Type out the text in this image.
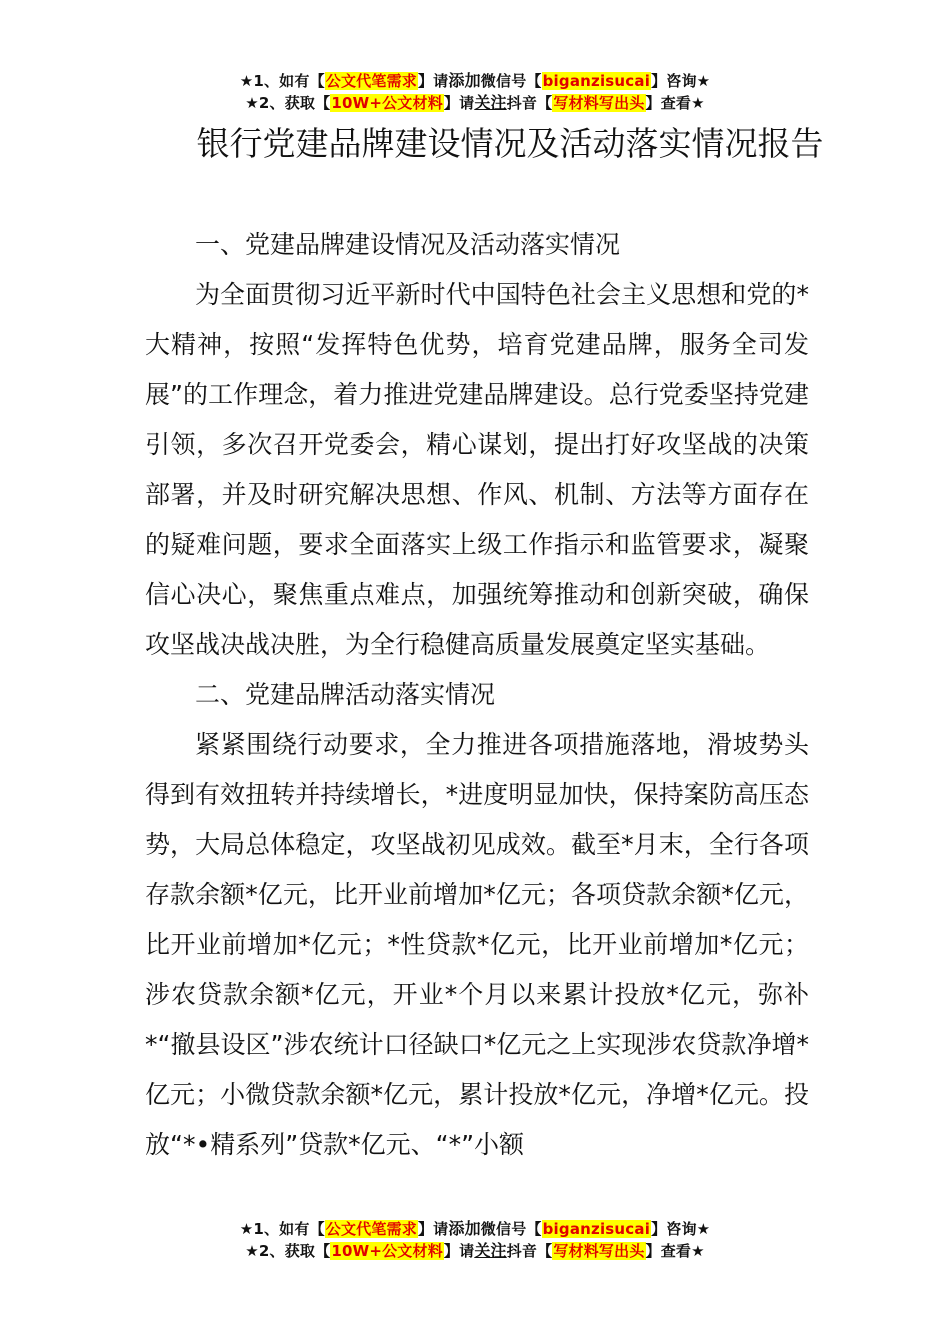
★1、如有【公文代笔需求】请添加微信号【biganzisucai】咨询★
★2、获取【10W+公文材料】请关注抖音【写材料写出头】查看★
银行党建品牌建设情况及活动落实情况报告
一、党建品牌建设情况及活动落实情况

为全面贯彻习近平新时代中国特色社会主义思想和党的*大精神，按照“发挥特色优势，培育党建品牌，服务全司发展”的工作理念，着力推进党建品牌建设。总行党委坚持党建引领，多次召开党委会，精心谋划，提出打好攻坚战的决策部署，并及时研究解决思想、作风、机制、方法等方面存在的疑难问题，要求全面落实上级工作指示和监管要求，凝聚信心决心，聚焦重点难点，加强统筹推动和创新突破，确保攻坚战决战决胜，为全行稳健高质量发展奠定坚实基础。

二、党建品牌活动落实情况

紧紧围绕行动要求，全力推进各项措施落地，滑坡势头得到有效扭转并持续增长，*进度明显加快，保持案防高压态势，大局总体稳定，攻坚战初见成效。截至*月末，全行各项存款余额*亿元，比开业前增加*亿元；各项贷款余额*亿元，比开业前增加*亿元；*性贷款*亿元，比开业前增加*亿元；涉农贷款余额*亿元，开业*个月以来累计投放*亿元，弥补*“撤县设区”涉农统计口径缺口*亿元之上实现涉农贷款净增*亿元；小微贷款余额*亿元，累计投放*亿元，净增*亿元。投放“*•精系列”贷款*亿元、“*”小额

★1、如有【公文代笔需求】请添加微信号【biganzisucai】咨询★
★2、获取【10W+公文材料】请关注抖音【写材料写出头】查看★
